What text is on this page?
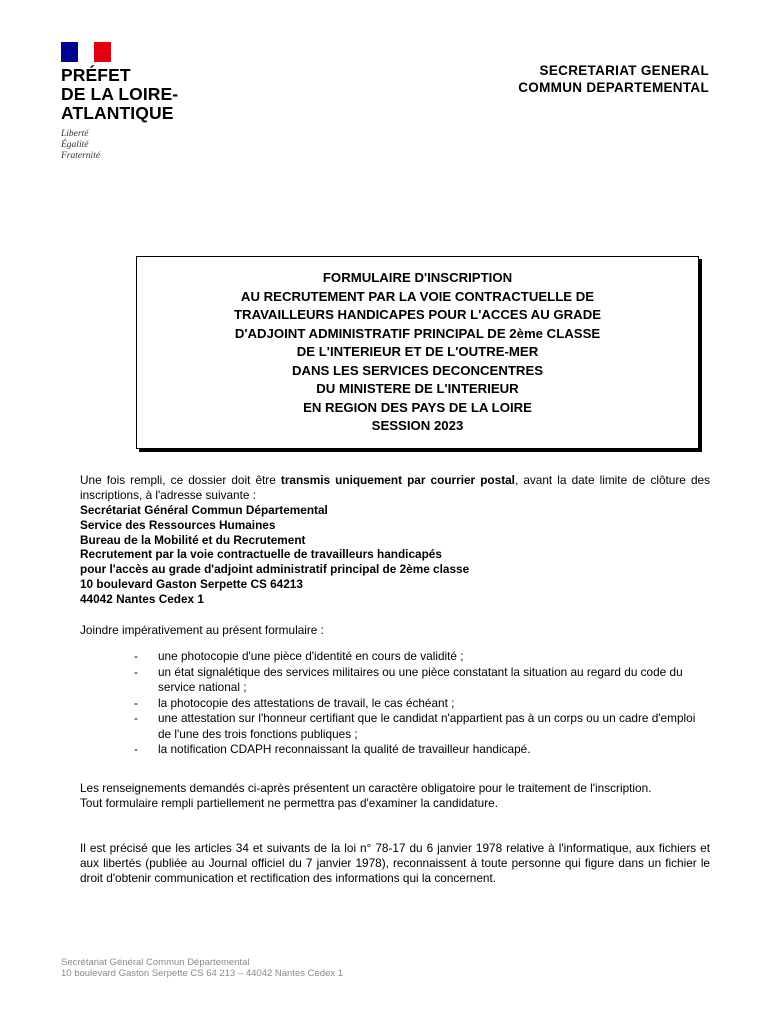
PRÉFET
DE LA LOIRE-
ATLANTIQUE
Liberté
Égalité
Fraternité
SECRETARIAT GENERAL
COMMUN DEPARTEMENTAL
FORMULAIRE D'INSCRIPTION
AU RECRUTEMENT PAR LA VOIE CONTRACTUELLE DE
TRAVAILLEURS HANDICAPES POUR L'ACCES AU GRADE
D'ADJOINT ADMINISTRATIF PRINCIPAL DE 2ème CLASSE
DE L'INTERIEUR ET DE L'OUTRE-MER
DANS LES SERVICES DECONCENTRES
DU MINISTERE DE L'INTERIEUR
EN REGION DES PAYS DE LA LOIRE
SESSION 2023

Une fois rempli, ce dossier doit être transmis uniquement par courrier postal, avant la date limite de clôture des inscriptions, à l'adresse suivante :

Secrétariat Général Commun Départemental
Service des Ressources Humaines
Bureau de la Mobilité et du Recrutement
Recrutement par la voie contractuelle de travailleurs handicapés
pour l'accès au grade d'adjoint administratif principal de 2ème classe
10 boulevard Gaston Serpette CS 64213
44042 Nantes Cedex 1

Joindre impérativement au présent formulaire :

- une photocopie d'une pièce d'identité en cours de validité ;
- un état signalétique des services militaires ou une pièce constatant la situation au regard du code du service national ;
- la photocopie des attestations de travail, le cas échéant ;
- une attestation sur l'honneur certifiant que le candidat n'appartient pas à un corps ou un cadre d'emploi de l'une des trois fonctions publiques ;
- la notification CDAPH reconnaissant la qualité de travailleur handicapé.
Les renseignements demandés ci-après présentent un caractère obligatoire pour le traitement de l'inscription.
Tout formulaire rempli partiellement ne permettra pas d'examiner la candidature.

Il est précisé que les articles 34 et suivants de la loi n° 78-17 du 6 janvier 1978 relative à l'informatique, aux fichiers et aux libertés (publiée au Journal officiel du 7 janvier 1978), reconnaissent à toute personne qui figure dans un fichier le droit d'obtenir communication et rectification des informations qui la concernent.

Secrétariat Général Commun Départemental
10 boulevard Gaston Serpette CS 64 213 – 44042 Nantes Cedex 1
